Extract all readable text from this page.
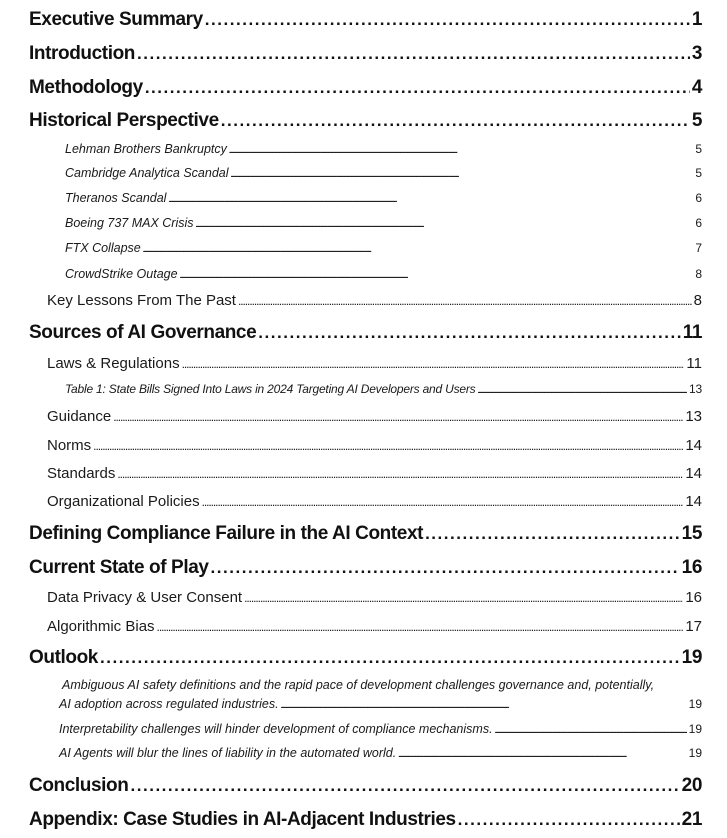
Executive Summary . . .	1
Introduction . . .	3
Methodology . . .	4
Historical Perspective . . .	5
Lehman Brothers Bankruptcy . . .	5
Cambridge Analytica Scandal . . .	5
Theranos Scandal . . .	6
Boeing 737 MAX Crisis . . .	6
FTX Collapse . . .	7
CrowdStrike Outage . . .	8
Key Lessons From The Past . . .	8
Sources of AI Governance . . .	11
Laws & Regulations . . .	11
Table 1: State Bills Signed Into Laws in 2024 Targeting AI Developers and Users . . .	13
Guidance . . .	13
Norms . . .	14
Standards . . .	14
Organizational Policies . . .	14
Defining Compliance Failure in the AI Context . . .	15
Current State of Play . . .	16
Data Privacy & User Consent . . .	16
Algorithmic Bias . . .	17
Outlook . . .	19
Ambiguous AI safety definitions and the rapid pace of development challenges governance and, potentially,
AI adoption across regulated industries. . . .	19
Interpretability challenges will hinder development of compliance mechanisms. . . .	19
AI Agents will blur the lines of liability in the automated world. . . .	19
Conclusion . . .	20
Appendix: Case Studies in AI-Adjacent Industries . . .	21
